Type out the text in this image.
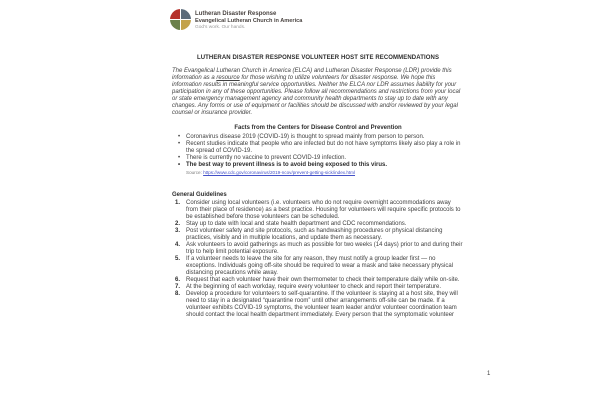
Lutheran Disaster Response
Evangelical Lutheran Church in America
God’s work. Our hands.
LUTHERAN DISASTER RESPONSE VOLUNTEER HOST SITE RECOMMENDATIONS

The Evangelical Lutheran Church in America (ELCA) and Lutheran Disaster Response (LDR) provide this information as a resource for those wishing to utilize volunteers for disaster response. We hope this information results in meaningful service opportunities. Neither the ELCA nor LDR assumes liability for your participation in any of these opportunities. Please follow all recommendations and restrictions from your local or state emergency management agency and community health departments to stay up to date with any changes. Any forms or use of equipment or facilities should be discussed with and/or reviewed by your legal counsel or insurance provider.

Facts from the Centers for Disease Control and Prevention
• Coronavirus disease 2019 (COVID-19) is thought to spread mainly from person to person.
• Recent studies indicate that people who are infected but do not have symptoms likely also play a role in the spread of COVID-19.
• There is currently no vaccine to prevent COVID-19 infection.
• The best way to prevent illness is to avoid being exposed to this virus.
Source: https://www.cdc.gov/coronavirus/2019-ncov/prevent-getting-sick/index.html
General Guidelines
1. Consider using local volunteers (i.e. volunteers who do not require overnight accommodations away from their place of residence) as a best practice. Housing for volunteers will require specific protocols to be established before those volunteers can be scheduled.
2. Stay up to date with local and state health department and CDC recommendations.
3. Post volunteer safety and site protocols, such as handwashing procedures or physical distancing practices, visibly and in multiple locations, and update them as necessary.
4. Ask volunteers to avoid gatherings as much as possible for two weeks (14 days) prior to and during their trip to help limit potential exposure.
5. If a volunteer needs to leave the site for any reason, they must notify a group leader first — no exceptions. Individuals going off-site should be required to wear a mask and take necessary physical distancing precautions while away.
6. Request that each volunteer have their own thermometer to check their temperature daily while on-site.
7. At the beginning of each workday, require every volunteer to check and report their temperature.
8. Develop a procedure for volunteers to self-quarantine. If the volunteer is staying at a host site, they will need to stay in a designated “quarantine room” until other arrangements off-site can be made. If a volunteer exhibits COVID-19 symptoms, the volunteer team leader and/or volunteer coordination team should contact the local health department immediately. Every person that the symptomatic volunteer
1
